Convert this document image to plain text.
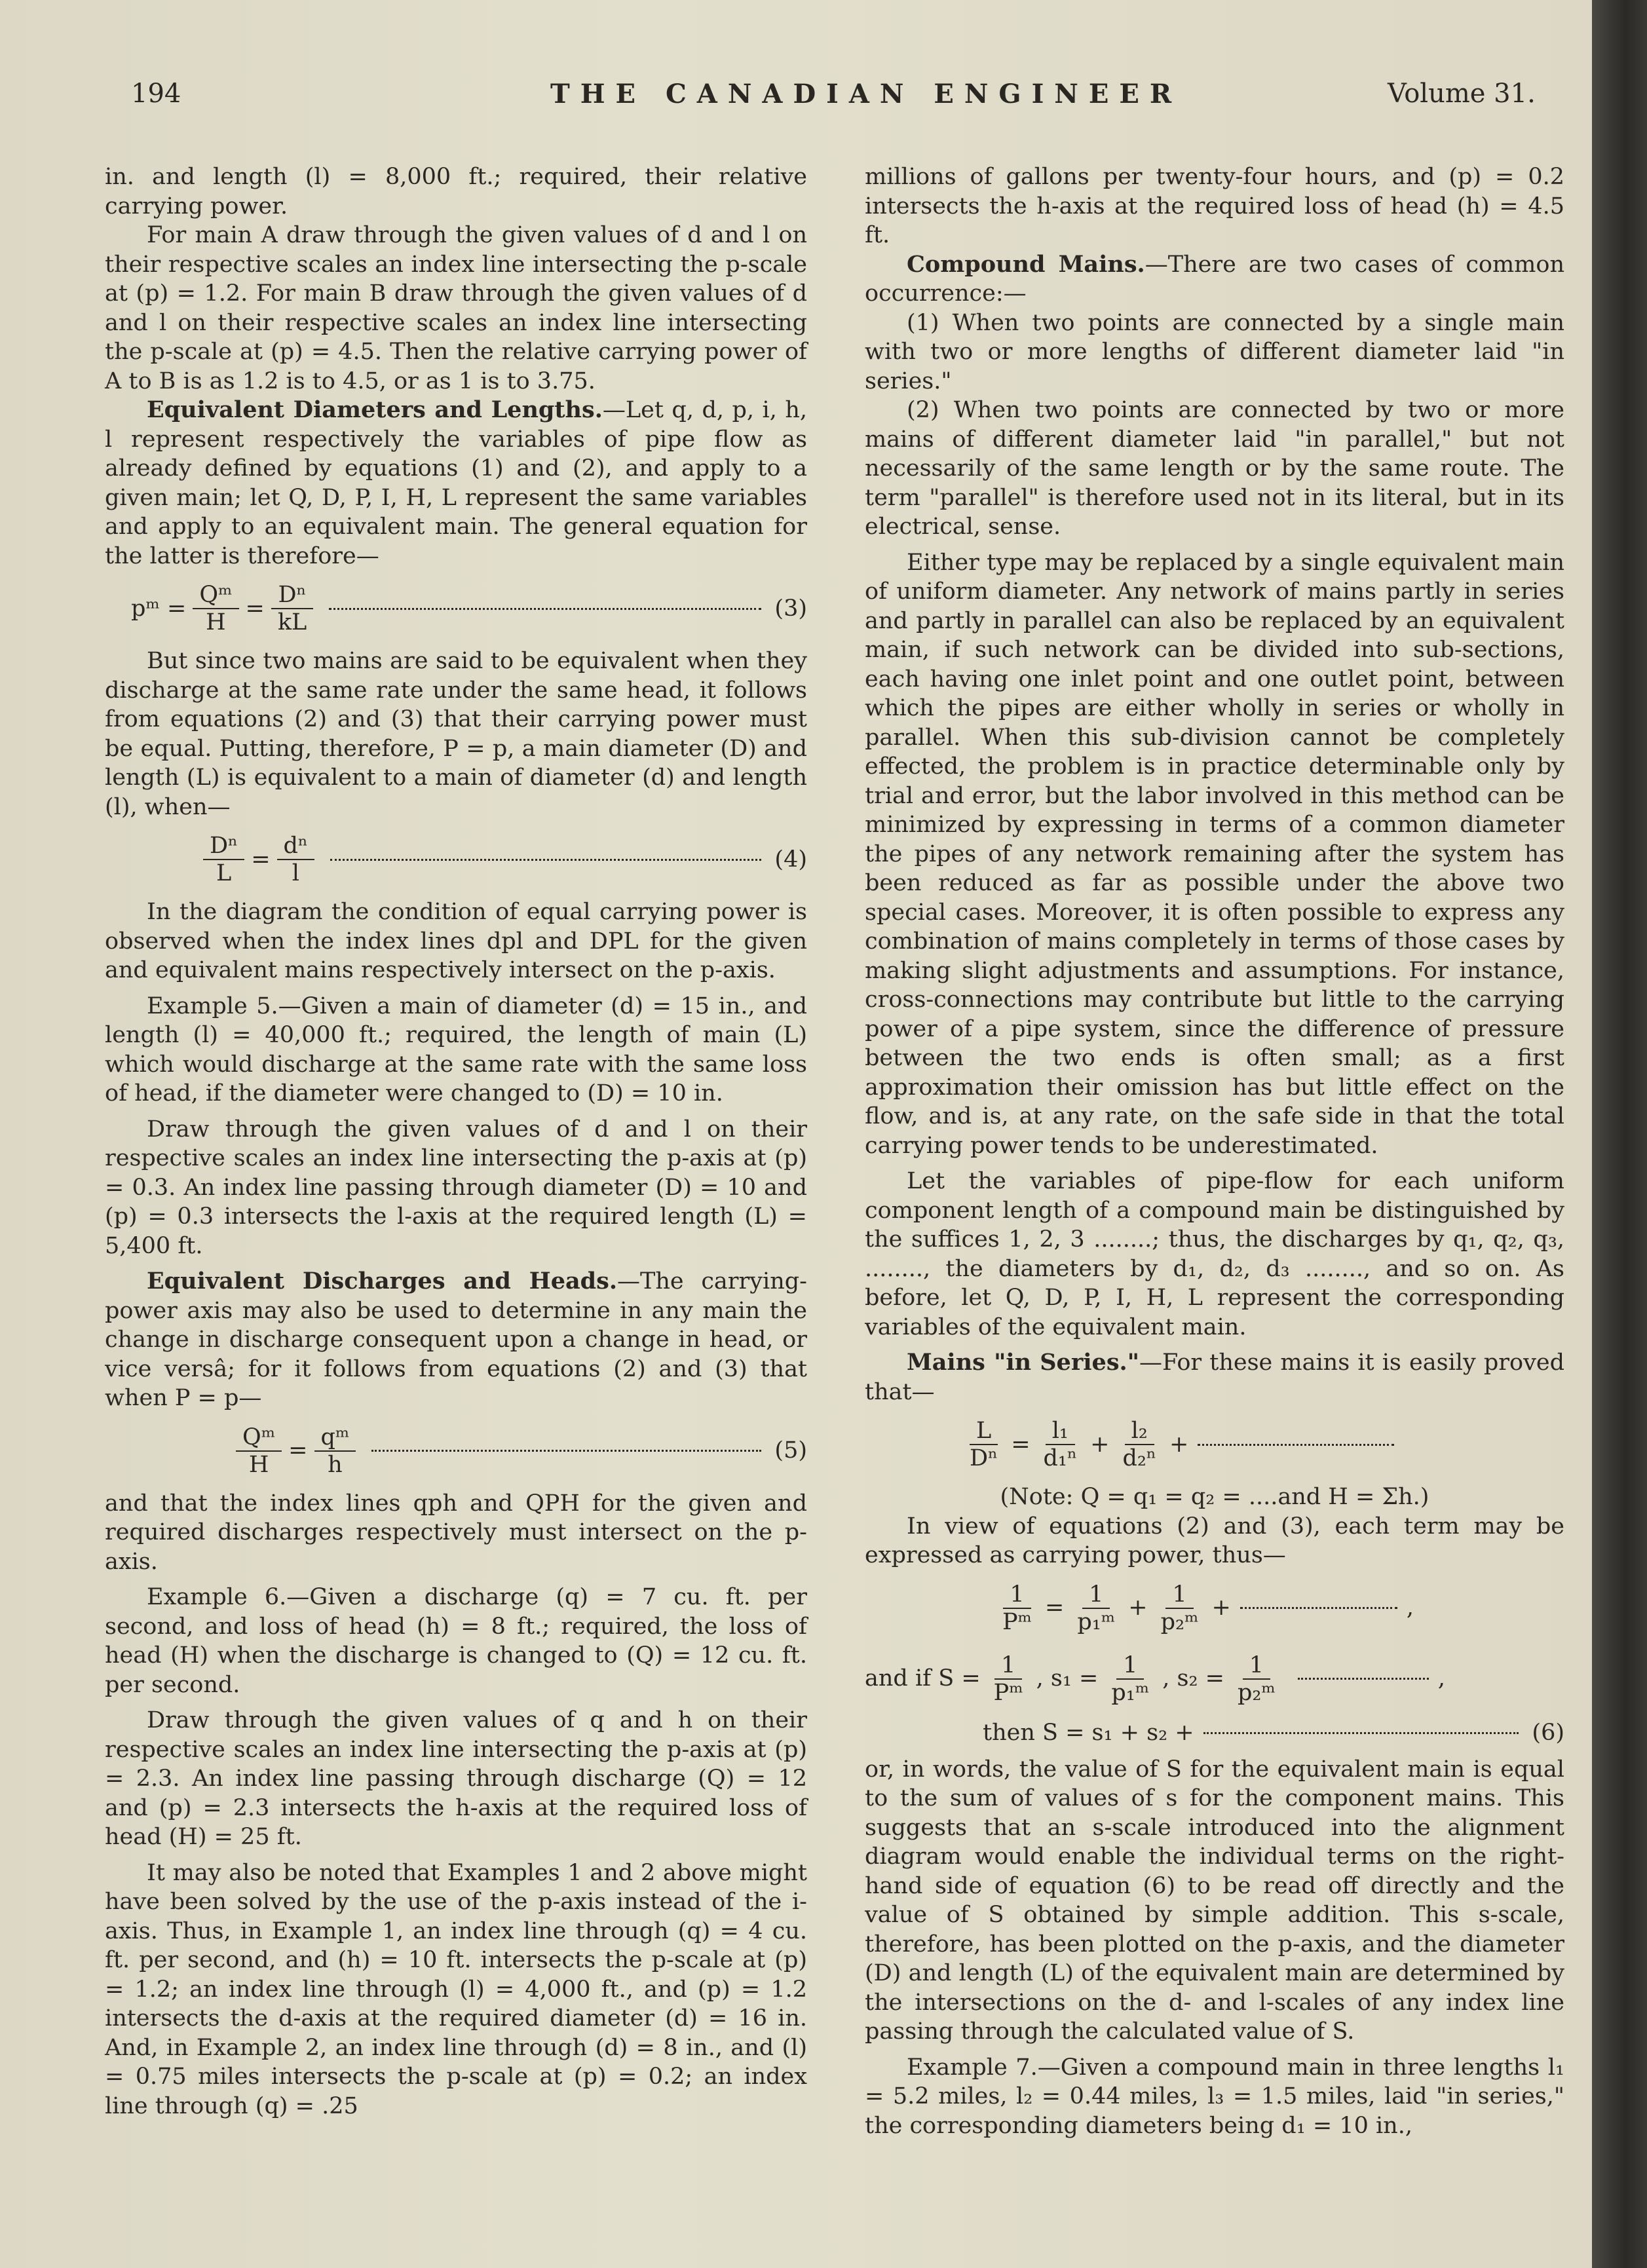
194	THE CANADIAN ENGINEER	Volume 31.

in. and length (l) = 8,000 ft.; required, their relative carrying power.

For main A draw through the given values of d and l on their respective scales an index line intersecting the p-scale at (p) = 1.2. For main B draw through the given values of d and l on their respective scales an index line intersecting the p-scale at (p) = 4.5. Then the relative carrying power of A to B is as 1.2 is to 4.5, or as 1 is to 3.75.

Equivalent Diameters and Lengths.—Let q, d, p, i, h, l represent respectively the variables of pipe flow as already defined by equations (1) and (2), and apply to a given main; let Q, D, P, I, H, L represent the same variables and apply to an equivalent main. The general equation for the latter is therefore—

pᵐ = $\frac{\text{Qᵐ}}{H} = \frac{\text{Dⁿ}}{kL}$	(3)

But since two mains are said to be equivalent when they discharge at the same rate under the same head, it follows from equations (2) and (3) that their carrying power must be equal. Putting, therefore, P = p, a main diameter (D) and length (L) is equivalent to a main of diameter (d) and length (l), when—

$\frac{\text{Dⁿ}}{L} = \frac{\text{dⁿ}}{l}$	(4)

In the diagram the condition of equal carrying power is observed when the index lines dpl and DPL for the given and equivalent mains respectively intersect on the p-axis.

Example 5.—Given a main of diameter (d) = 15 in., and length (l) = 40,000 ft.; required, the length of main (L) which would discharge at the same rate with the same loss of head, if the diameter were changed to (D) = 10 in.

Draw through the given values of d and l on their respective scales an index line intersecting the p-axis at (p) = 0.3. An index line passing through diameter (D) = 10 and (p) = 0.3 intersects the l-axis at the required length (L) = 5,400 ft.

Equivalent Discharges and Heads.—The carrying-power axis may also be used to determine in any main the change in discharge consequent upon a change in head, or vice versâ; for it follows from equations (2) and (3) that when P = p—

$\frac{\text{Qᵐ}}{H} = \frac{\text{qᵐ}}{h}$	(5)

and that the index lines qph and QPH for the given and required discharges respectively must intersect on the p-axis.

Example 6.—Given a discharge (q) = 7 cu. ft. per second, and loss of head (h) = 8 ft.; required, the loss of head (H) when the discharge is changed to (Q) = 12 cu. ft. per second.

Draw through the given values of q and h on their respective scales an index line intersecting the p-axis at (p) = 2.3. An index line passing through discharge (Q) = 12 and (p) = 2.3 intersects the h-axis at the required loss of head (H) = 25 ft.

It may also be noted that Examples 1 and 2 above might have been solved by the use of the p-axis instead of the i-axis. Thus, in Example 1, an index line through (q) = 4 cu. ft. per second, and (h) = 10 ft. intersects the p-scale at (p) = 1.2; an index line through (l) = 4,000 ft., and (p) = 1.2 intersects the d-axis at the required diameter (d) = 16 in. And, in Example 2, an index line through (d) = 8 in., and (l) = 0.75 miles intersects the p-scale at (p) = 0.2; an index line through (q) = .25

millions of gallons per twenty-four hours, and (p) = 0.2 intersects the h-axis at the required loss of head (h) = 4.5 ft.

Compound Mains.—There are two cases of common occurrence:—

(1) When two points are connected by a single main with two or more lengths of different diameter laid "in series."

(2) When two points are connected by two or more mains of different diameter laid "in parallel," but not necessarily of the same length or by the same route. The term "parallel" is therefore used not in its literal, but in its electrical, sense.

Either type may be replaced by a single equivalent main of uniform diameter. Any network of mains partly in series and partly in parallel can also be replaced by an equivalent main, if such network can be divided into sub-sections, each having one inlet point and one outlet point, between which the pipes are either wholly in series or wholly in parallel. When this sub-division cannot be completely effected, the problem is in practice determinable only by trial and error, but the labor involved in this method can be minimized by expressing in terms of a common diameter the pipes of any network remaining after the system has been reduced as far as possible under the above two special cases. Moreover, it is often possible to express any combination of mains completely in terms of those cases by making slight adjustments and assumptions. For instance, cross-connections may contribute but little to the carrying power of a pipe system, since the difference of pressure between the two ends is often small; as a first approximation their omission has but little effect on the flow, and is, at any rate, on the safe side in that the total carrying power tends to be underestimated.

Let the variables of pipe-flow for each uniform component length of a compound main be distinguished by the suffices 1, 2, 3 ........; thus, the discharges by q₁, q₂, q₃, ........, the diameters by d₁, d₂, d₃ ........, and so on. As before, let Q, D, P, I, H, L represent the corresponding variables of the equivalent main.

Mains "in Series."—For these mains it is easily proved that—

$\frac{L}{\text{Dⁿ}} = \frac{\text{l₁}}{\text{d₁ⁿ}} + \frac{\text{l₂}}{\text{d₂ⁿ}}$ +

(Note: Q = q₁ = q₂ = ....and H = Σh.)

In view of equations (2) and (3), each term may be expressed as carrying power, thus—

$\frac{1}{\text{Pᵐ}} = \frac{1}{\text{p₁ᵐ}} + \frac{1}{\text{p₂ᵐ}}$ +	,
and if $S = \frac{1}{\text{Pᵐ}}$ , $s_1 = \frac{1}{\text{p₁ᵐ}}$ , $s_2 = \frac{1}{\text{p₂ᵐ}}$	,
then S = s₁ + s₂ +	(6)

or, in words, the value of S for the equivalent main is equal to the sum of values of s for the component mains. This suggests that an s-scale introduced into the alignment diagram would enable the individual terms on the right-hand side of equation (6) to be read off directly and the value of S obtained by simple addition. This s-scale, therefore, has been plotted on the p-axis, and the diameter (D) and length (L) of the equivalent main are determined by the intersections on the d- and l-scales of any index line passing through the calculated value of S.

Example 7.—Given a compound main in three lengths l₁ = 5.2 miles, l₂ = 0.44 miles, l₃ = 1.5 miles, laid "in series," the corresponding diameters being d₁ = 10 in.,
